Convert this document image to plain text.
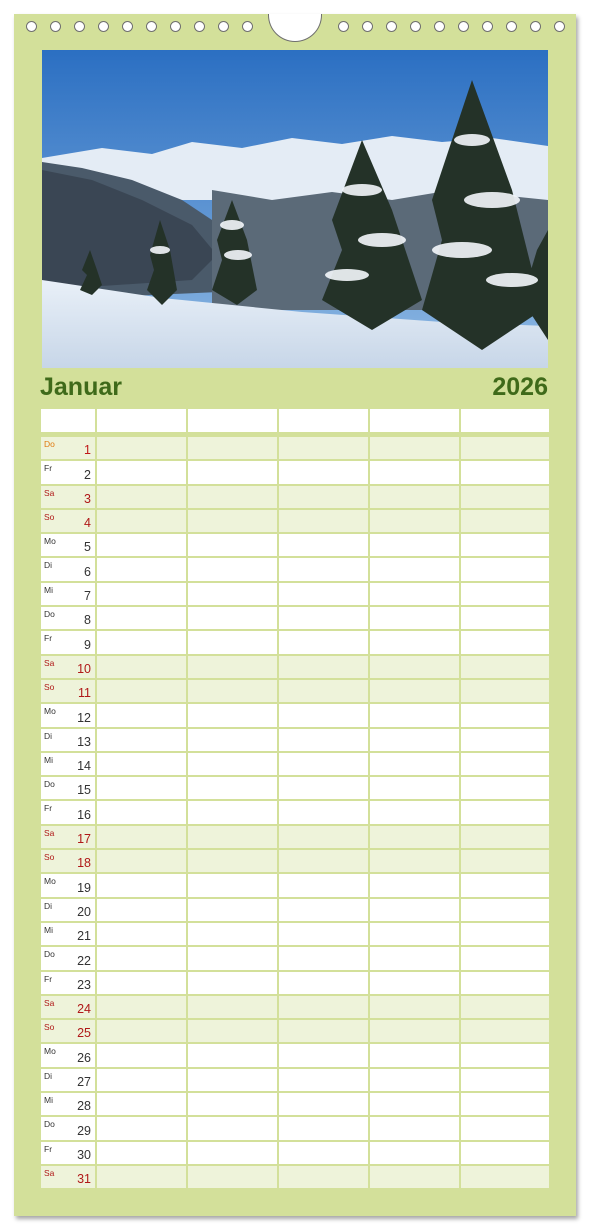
Januar	2026
Do 1
Fr	2
Sa 3
So 4
Mo 5
Di	6
Mi 7
Do 8
Fr	9
Sa 10
So 11
Mo 12
Di 13
Mi 14
Do 15
Fr 16
Sa 17
So 18
Mo 19
Di 20
Mi 21
Do 22
Fr 23
Sa 24
So 25
Mo 26
Di 27
Mi 28
Do 29
Fr 30
Sa 31
